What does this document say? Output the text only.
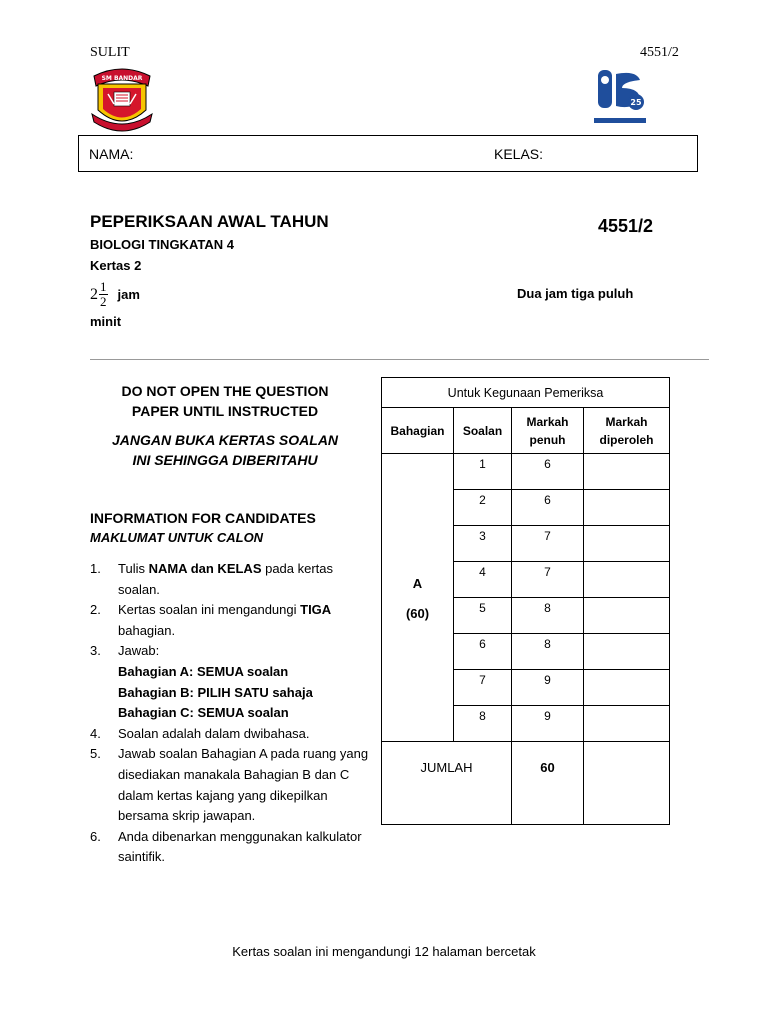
SULIT	4551/2
SM BANDAR
25
NAMA:	KELAS:
PEPERIKSAAN AWAL TAHUN	4551/2
BIOLOGI TINGKATAN 4
Kertas 2
$2 \frac{1}{2}$ jam	Dua jam tiga puluh
minit
DO NOT OPEN THE QUESTION
PAPER UNTIL INSTRUCTED
JANGAN BUKA KERTAS SOALAN
INI SEHINGGA DIBERITAHU
INFORMATION FOR CANDIDATES
MAKLUMAT UNTUK CALON
1.	Tulis NAMA dan KELAS pada kertas soalan.
2.	Kertas soalan ini mengandungi TIGA bahagian.
3.	Jawab:
Bahagian A: SEMUA soalan
Bahagian B: PILIH SATU sahaja
Bahagian C: SEMUA soalan
4.	Soalan adalah dalam dwibahasa.
5.	Jawab soalan Bahagian A pada ruang yang disediakan manakala Bahagian B dan C dalam kertas kajang yang dikepilkan bersama skrip jawapan.
6.	Anda dibenarkan menggunakan kalkulator saintifik.
Untuk Kegunaan Pemeriksa			
Bahagian	Soalan	Markah penuh	Markah diperoleh

A
(60)	1	6	
	2	6	
	3	7	
	4	7	
	5	8	
	6	8	
	7	9	
	8	9	
JUMLAH		60	
Kertas soalan ini mengandungi 12 halaman bercetak
